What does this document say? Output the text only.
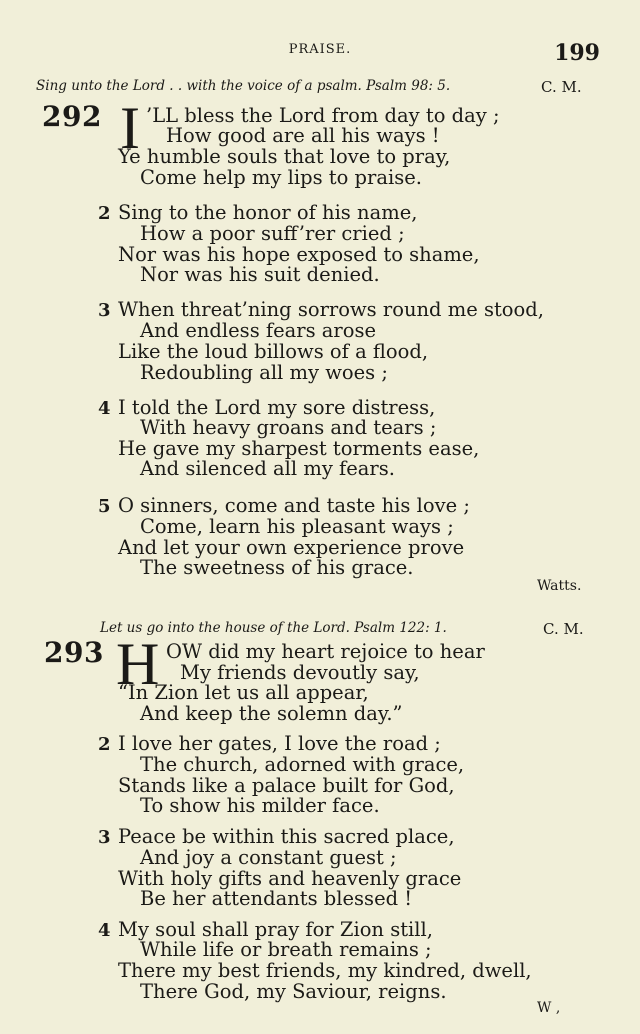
PRAISE.	199
Sing unto the Lord . . with the voice of a psalm. Psalm 98: 5.	C. M.
292 I ’LL bless the Lord from day to day ;
How good are all his ways !
Ye humble souls that love to pray,
Come help my lips to praise.
2 Sing to the honor of his name,
How a poor suff’rer cried ;
Nor was his hope exposed to shame,
Nor was his suit denied.
3 When threat’ning sorrows round me stood,
And endless fears arose
Like the loud billows of a flood,
Redoubling all my woes ;
4 I told the Lord my sore distress,
With heavy groans and tears ;
He gave my sharpest torments ease,
And silenced all my fears.
5 O sinners, come and taste his love ;
Come, learn his pleasant ways ;
And let your own experience prove
The sweetness of his grace.
Watts.
Let us go into the house of the Lord. Psalm 122: 1.	C. M.
293 H OW did my heart rejoice to hear
My friends devoutly say,
“In Zion let us all appear,
And keep the solemn day.”
2 I love her gates, I love the road ;
The church, adorned with grace,
Stands like a palace built for God,
To show his milder face.
3 Peace be within this sacred place,
And joy a constant guest ;
With holy gifts and heavenly grace
Be her attendants blessed !
4 My soul shall pray for Zion still,
While life or breath remains ;
There my best friends, my kindred, dwell,
There God, my Saviour, reigns.
W ,
